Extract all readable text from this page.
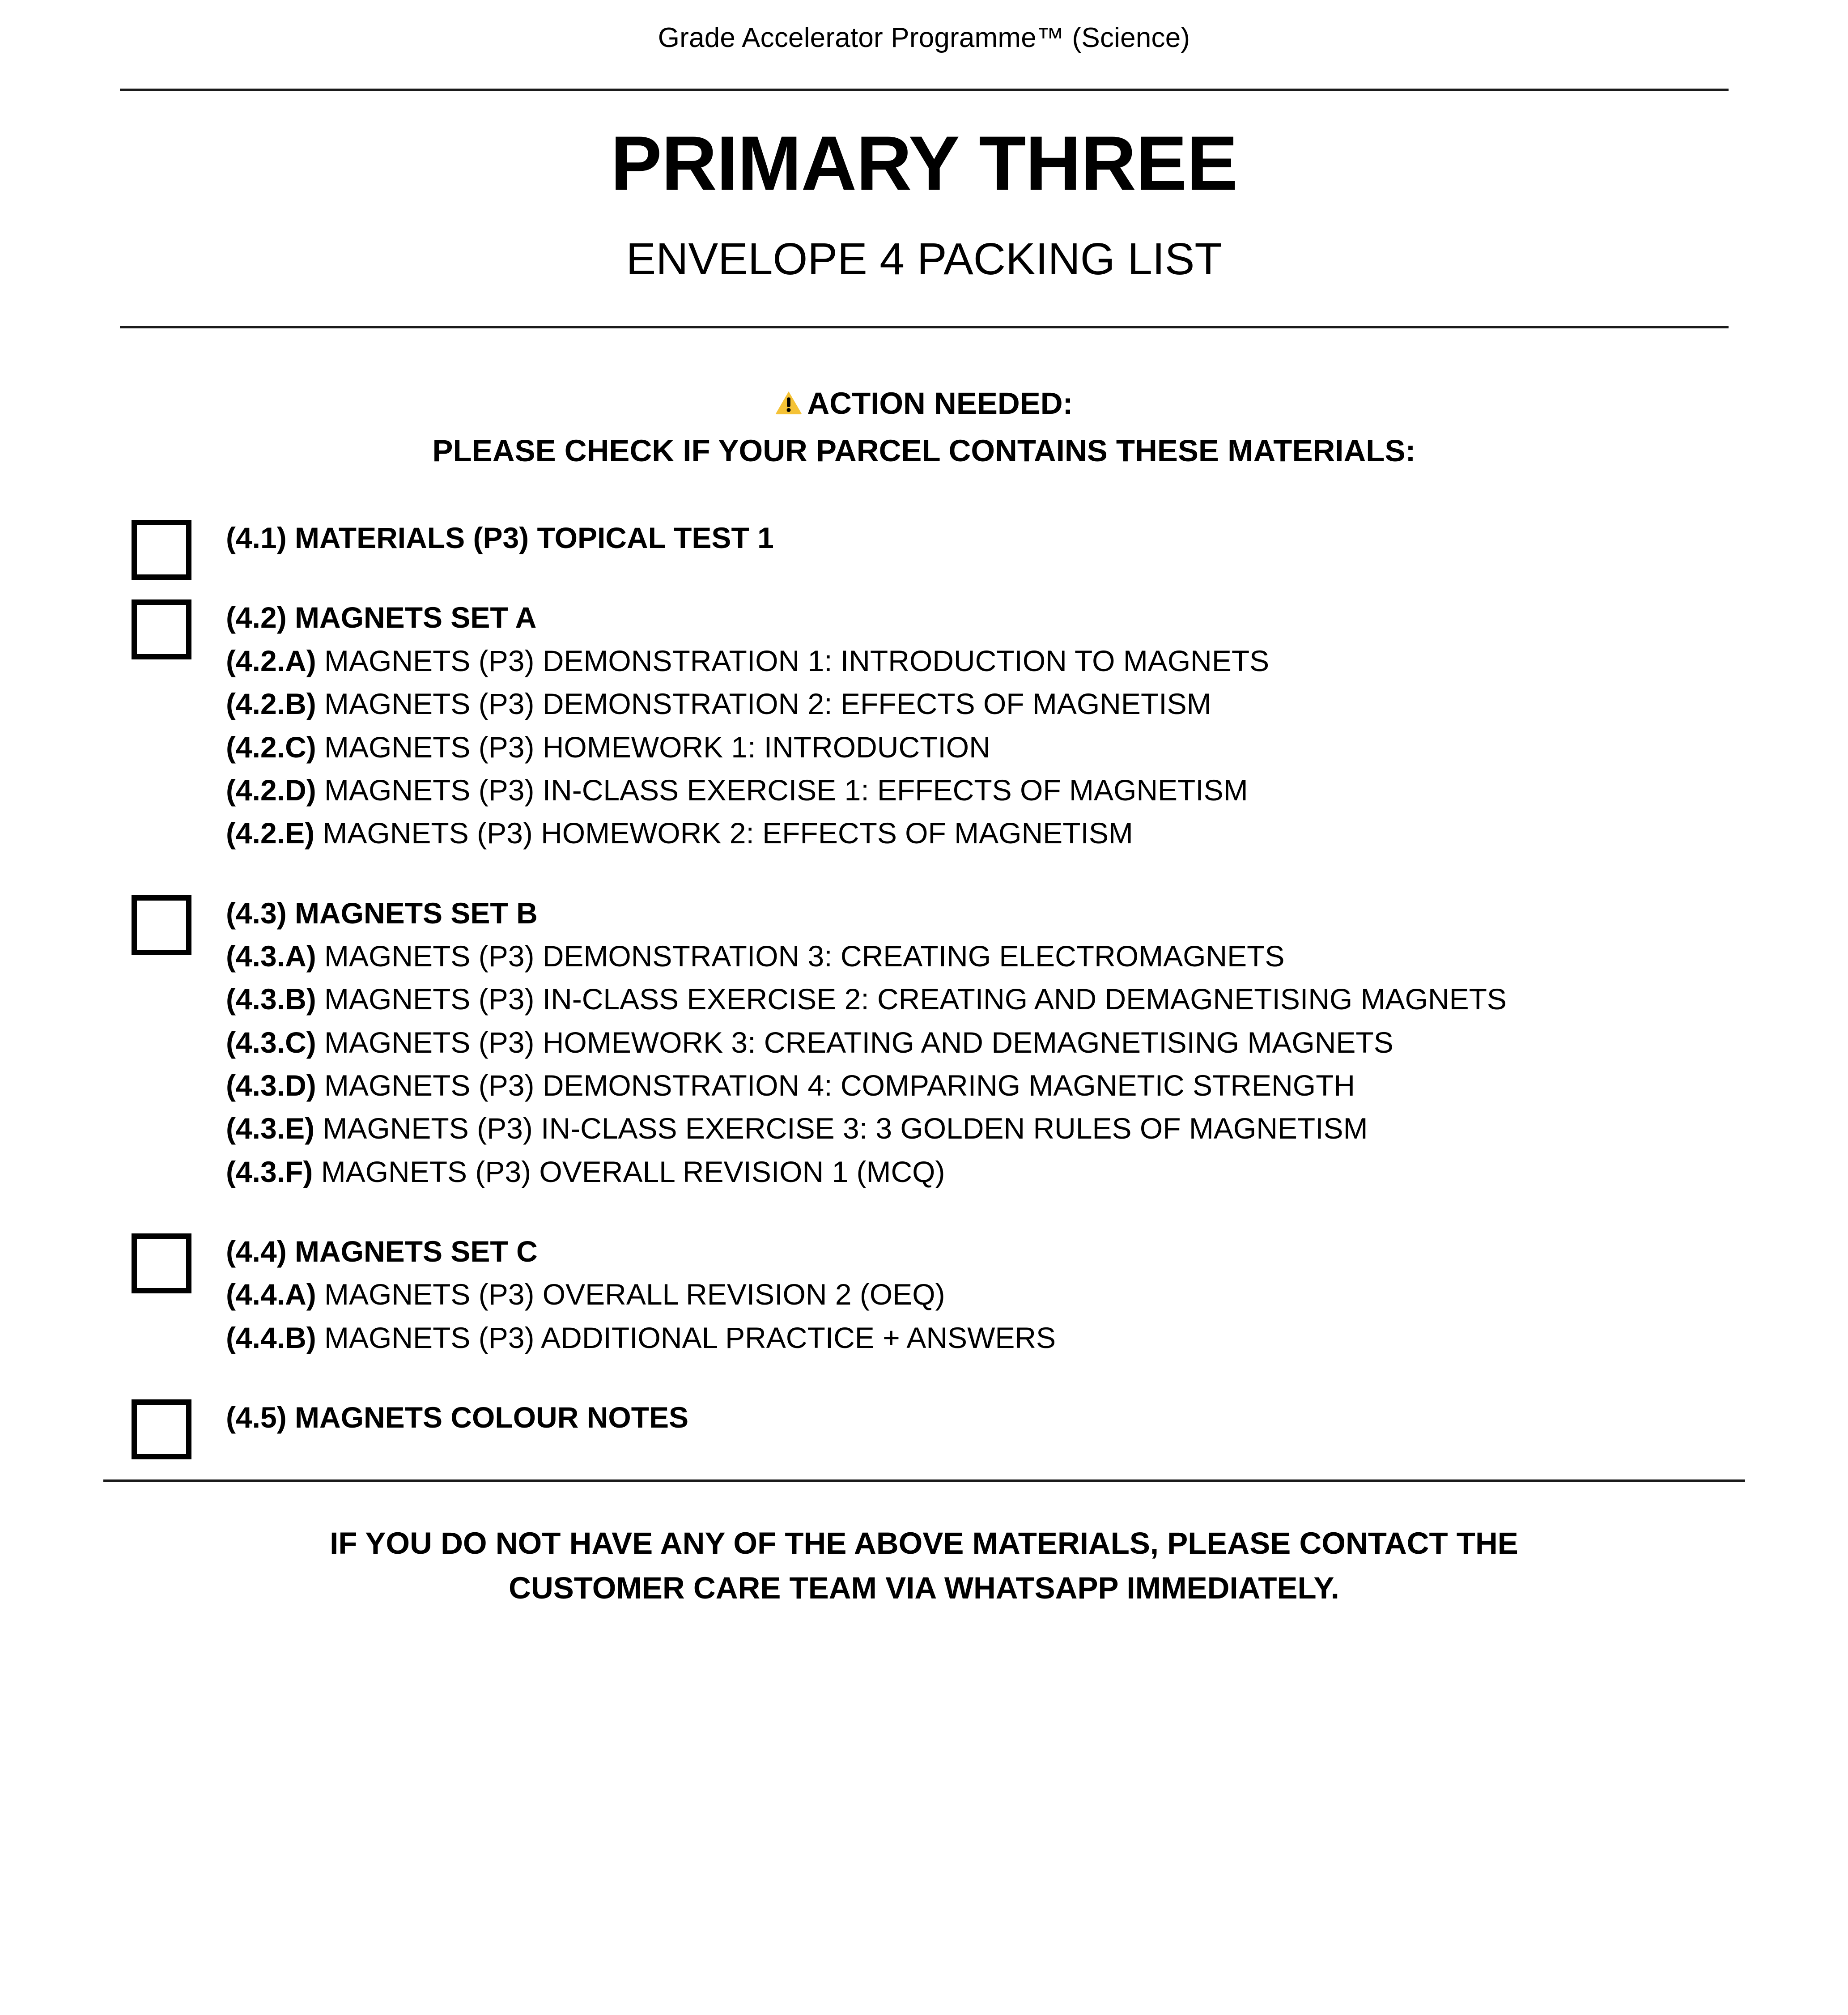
Grade Accelerator Programme™ (Science)
PRIMARY THREE
ENVELOPE 4 PACKING LIST
ACTION NEEDED:
PLEASE CHECK IF YOUR PARCEL CONTAINS THESE MATERIALS:
(4.1) MATERIALS (P3) TOPICAL TEST 1
(4.2) MAGNETS SET A
(4.2.A) MAGNETS (P3) DEMONSTRATION 1: INTRODUCTION TO MAGNETS
(4.2.B) MAGNETS (P3) DEMONSTRATION 2: EFFECTS OF MAGNETISM
(4.2.C) MAGNETS (P3) HOMEWORK 1: INTRODUCTION
(4.2.D) MAGNETS (P3) IN-CLASS EXERCISE 1: EFFECTS OF MAGNETISM
(4.2.E) MAGNETS (P3) HOMEWORK 2: EFFECTS OF MAGNETISM
(4.3) MAGNETS SET B
(4.3.A) MAGNETS (P3) DEMONSTRATION 3: CREATING ELECTROMAGNETS
(4.3.B) MAGNETS (P3) IN-CLASS EXERCISE 2: CREATING AND DEMAGNETISING MAGNETS
(4.3.C) MAGNETS (P3) HOMEWORK 3: CREATING AND DEMAGNETISING MAGNETS
(4.3.D) MAGNETS (P3) DEMONSTRATION 4: COMPARING MAGNETIC STRENGTH
(4.3.E) MAGNETS (P3) IN-CLASS EXERCISE 3: 3 GOLDEN RULES OF MAGNETISM
(4.3.F) MAGNETS (P3) OVERALL REVISION 1 (MCQ)
(4.4) MAGNETS SET C
(4.4.A) MAGNETS (P3) OVERALL REVISION 2 (OEQ)
(4.4.B) MAGNETS (P3) ADDITIONAL PRACTICE + ANSWERS
(4.5) MAGNETS COLOUR NOTES
IF YOU DO NOT HAVE ANY OF THE ABOVE MATERIALS, PLEASE CONTACT THE
CUSTOMER CARE TEAM VIA WHATSAPP IMMEDIATELY.
